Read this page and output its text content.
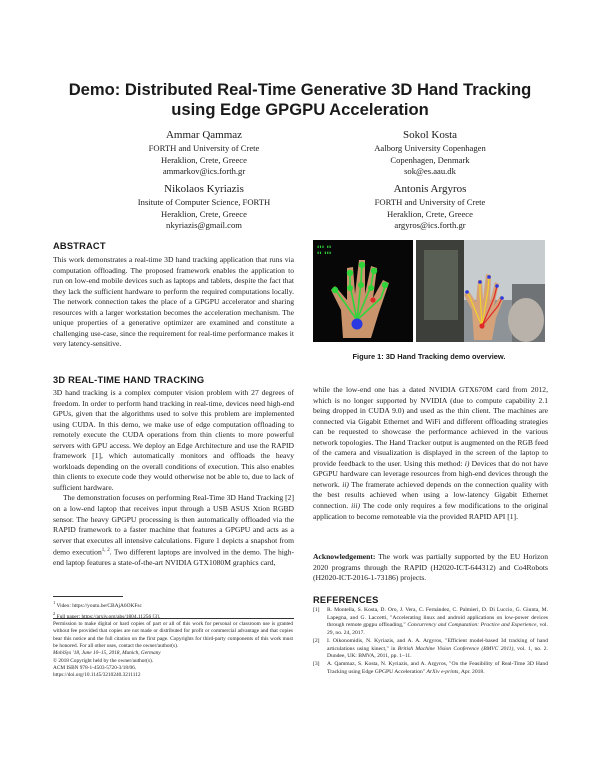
Demo: Distributed Real-Time Generative 3D Hand Tracking
using Edge GPGPU Acceleration
Ammar Qammaz
FORTH and University of Crete
Heraklion, Crete, Greece
ammarkov@ics.forth.gr
Sokol Kosta
Aalborg University Copenhagen
Copenhagen, Denmark
sok@es.aau.dk
Nikolaos Kyriazis
Insitute of Computer Science, FORTH
Heraklion, Crete, Greece
nkyriazis@gmail.com
Antonis Argyros
FORTH and University of Crete
Heraklion, Crete, Greece
argyros@ics.forth.gr
ABSTRACT

This work demonstrates a real-time 3D hand tracking application that runs via computation offloading. The proposed framework enables the application to run on low-end mobile devices such as laptops and tablets, despite the fact that they lack the sufficient hardware to perform the required computations locally. The network connection takes the place of a GPGPU accelerator and sharing resources with a larger workstation becomes the acceleration mechanism. The unique properties of a generative optimizer are examined and constitute a challenging use-case, since the requirement for real-time performance makes it very latency-sensitive.

3D REAL-TIME HAND TRACKING

3D hand tracking is a complex computer vision problem with 27 degrees of freedom. In order to perform hand tracking in real-time, devices need high-end GPUs, given that the algorithms used to solve this problem are implemented using CUDA. In this demo, we make use of edge computation offloading to remotely execute the CUDA operations from thin clients to more powerful servers with GPU access. We deploy an Edge Architecture and use the RAPID framework [1], which automatically monitors and offloads the heavy workloads depending on the overall conditions of execution. This also enables thin clients to execute code they would otherwise not be able to, due to lack of sufficient hardware.

The demonstration focuses on performing Real-Time 3D Hand Tracking [2] on a low-end laptop that receives input through a USB ASUS Xtion RGBD sensor. The heavy GPGPU processing is then automatically offloaded via the RAPID framework to a faster machine that features a GPGPU and acts as a server that executes all intensive calculations. Figure 1 depicts a snapshot from demo execution$^{1, 2}$. Two different laptops are involved in the demo. The high-end laptop features a state-of-the-art NVIDIA GTX1080M graphics card,

$^1$ Video: https://youtu.be/CBAjA6OKFsc
$^2$ Full paper: https://arxiv.org/abs/1804.11256 [3].
Permission to make digital or hard copies of part or all of this work for personal or classroom use is granted without fee provided that copies are not made or distributed for profit or commercial advantage and that copies bear this notice and the full citation on the first page. Copyrights for third-party components of this work must be honored. For all other uses, contact the owner/author(s).
MobiSys '18, June 10–15, 2018, Munich, Germany
© 2018 Copyright held by the owner/author(s).
ACM ISBN 978-1-4503-5720-3/18/06.
https://doi.org/10.1145/3210240.3211112
▮▮▮ ▮▮
▮▮ ▮▮▮
Figure 1: 3D Hand Tracking demo overview.

while the low-end one has a dated NVIDIA GTX670M card from 2012, which is no longer supported by NVIDIA (due to compute capability 2.1 being dropped in CUDA 9.0) and used as the thin client. The machines are connected via Gigabit Ethernet and WiFi and different offloading strategies can be requested to showcase the performance achieved in the various network topologies. The Hand Tracker output is augmented on the RGB feed of the camera and visualization is displayed in the screen of the laptop to provide feedback to the user. Using this method: i) Devices that do not have GPGPU hardware can leverage resources from high-end devices through the network. ii) The framerate achieved depends on the connection quality with the best results achieved when using a low-latency Gigabit Ethernet connection. iii) The code only requires a few modifications to the original application to become remoteable via the provided RAPID API [1].

Acknowledgement: The work was partially supported by the EU Horizon 2020 programs through the RAPID (H2020-ICT-644312) and Co4Robots (H2020-ICT-2016-1-73186) projects.

REFERENCES
[1]	R. Montella, S. Kosta, D. Oro, J. Vera, C. Fernández, C. Palmieri, D. Di Luccio, G. Giunta, M. Lapegna, and G. Laccetti, "Accelerating linux and android applications on low-power devices through remote gpgpu offloading," Concurrency and Computation: Practice and Experience, vol. 29, no. 24, 2017.
[2]	I. Oikonomidis, N. Kyriazis, and A. A. Argyros, "Efficient model-based 3d tracking of hand articulations using kinect," in British Machine Vision Conference (BMVC 2011), vol. 1, no. 2. Dundee, UK: BMVA, 2011, pp. 1–11.
[3]	A. Qammaz, S. Kosta, N. Kyriazis, and A. Argyros, "On the Feasibility of Real-Time 3D Hand Tracking using Edge GPGPU Acceleration" ArXiv e-prints, Apr. 2018.
